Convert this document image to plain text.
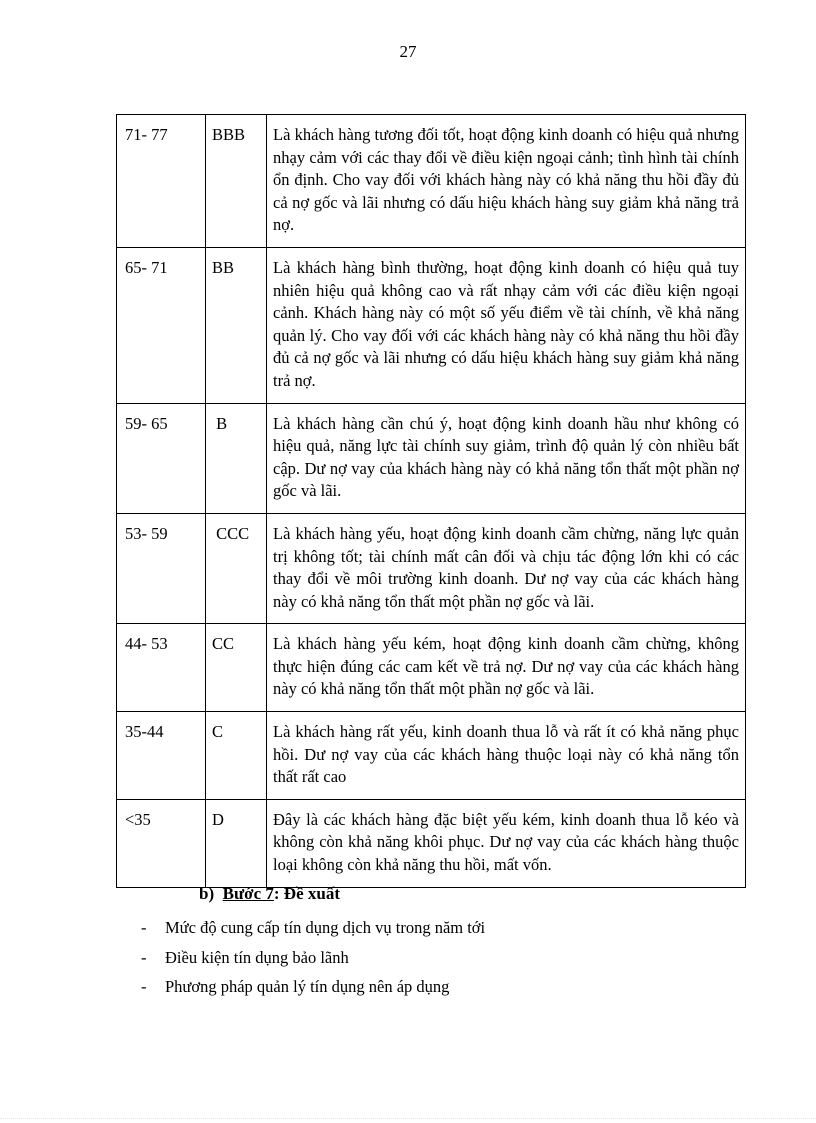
27
71- 77	BBB	Là khách hàng tương đối tốt, hoạt động kinh doanh có hiệu quả nhưng nhạy cảm với các thay đổi về điều kiện ngoại cảnh; tình hình tài chính ổn định. Cho vay đối với khách hàng này có khả năng thu hồi đầy đủ cả nợ gốc và lãi nhưng có dấu hiệu khách hàng suy giảm khả năng trả nợ.
65- 71	BB	Là khách hàng bình thường, hoạt động kinh doanh có hiệu quả tuy nhiên hiệu quả không cao và rất nhạy cảm với các điều kiện ngoại cảnh. Khách hàng này có một số yếu điểm về tài chính, về khả năng quản lý. Cho vay đối với các khách hàng này có khả năng thu hồi đầy đủ cả nợ gốc và lãi nhưng có dấu hiệu khách hàng suy giảm khả năng trả nợ.
59- 65	B	Là khách hàng cần chú ý, hoạt động kinh doanh hầu như không có hiệu quả, năng lực tài chính suy giảm, trình độ quản lý còn nhiều bất cập. Dư nợ vay của khách hàng này có khả năng tổn thất một phần nợ gốc và lãi.
53- 59	CCC	Là khách hàng yếu, hoạt động kinh doanh cầm chừng, năng lực quản trị không tốt; tài chính mất cân đối và chịu tác động lớn khi có các thay đổi về môi trường kinh doanh. Dư nợ vay của các khách hàng này có khả năng tổn thất một phần nợ gốc và lãi.
44- 53	CC	Là khách hàng yếu kém, hoạt động kinh doanh cầm chừng, không thực hiện đúng các cam kết về trả nợ. Dư nợ vay của các khách hàng này có khả năng tổn thất một phần nợ gốc và lãi.
35-44	C	Là khách hàng rất yếu, kinh doanh thua lỗ và rất ít có khả năng phục hồi. Dư nợ vay của các khách hàng thuộc loại này có khả năng tổn thất rất cao
<35	D	Đây là các khách hàng đặc biệt yếu kém, kinh doanh thua lỗ kéo và không còn khả năng khôi phục. Dư nợ vay của các khách hàng thuộc loại không còn khả năng thu hồi, mất vốn.
b) Bước 7: Đề xuất
- Mức độ cung cấp tín dụng dịch vụ trong năm tới
- Điều kiện tín dụng bảo lãnh
- Phương pháp quản lý tín dụng nên áp dụng
